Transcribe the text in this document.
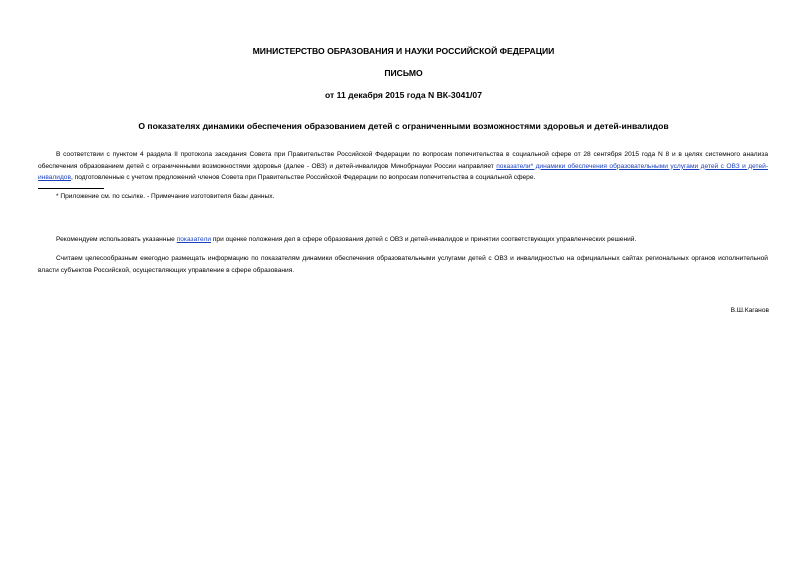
МИНИСТЕРСТВО ОБРАЗОВАНИЯ И НАУКИ РОССИЙСКОЙ ФЕДЕРАЦИИ
ПИСЬМО
от 11 декабря 2015 года N ВК-3041/07
О показателях динамики обеспечения образованием детей с ограниченными возможностями здоровья и детей-инвалидов
В соответствии с пунктом 4 раздела II протокола заседания Совета при Правительстве Российской Федерации по вопросам попечительства в социальной сфере от 28 сентября 2015 года N 8 и в целях системного анализа обеспечения образованием детей с ограниченными возможностями здоровья (далее - ОВЗ) и детей-инвалидов Минобрнауки России направляет показатели* динамики обеспечения образовательными услугами детей с ОВЗ и детей-инвалидов, подготовленные с учетом предложений членов Совета при Правительстве Российской Федерации по вопросам попечительства в социальной сфере.
* Приложение см. по ссылке. - Примечание изготовителя базы данных.
Рекомендуем использовать указанные показатели при оценке положения дел в сфере образования детей с ОВЗ и детей-инвалидов и принятии соответствующих управленческих решений.
Считаем целесообразным ежегодно размещать информацию по показателям динамики обеспечения образовательными услугами детей с ОВЗ и инвалидностью на официальных сайтах региональных органов исполнительной власти субъектов Российской, осуществляющих управление в сфере образования.
В.Ш.Каганов
